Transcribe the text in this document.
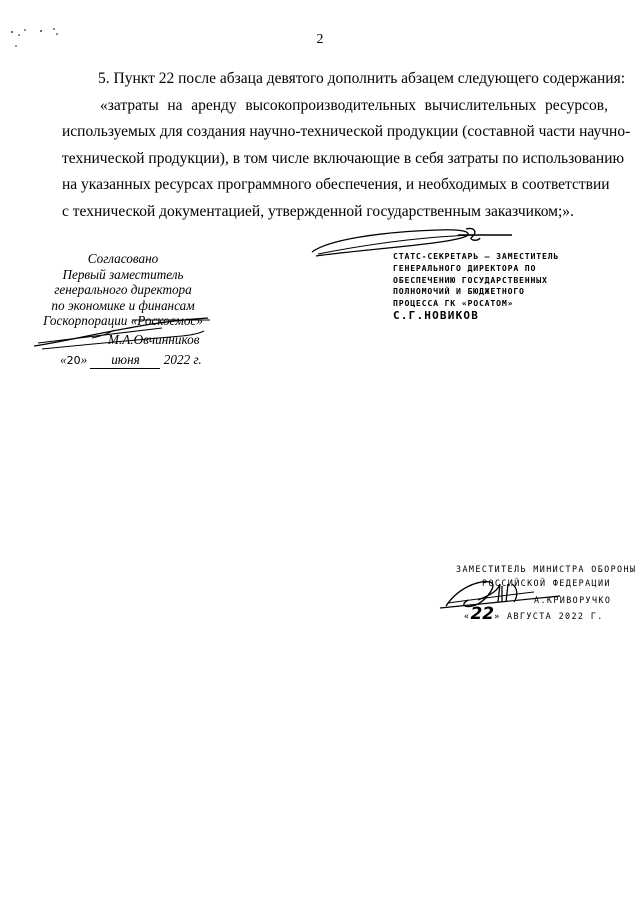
2
5. Пункт 22 после абзаца девятого дополнить абзацем следующего содержания:
«затраты на аренду высокопроизводительных вычислительных ресурсов,
используемых для создания научно-технической продукции (составной части научно-
технической продукции), в том числе включающие в себя затраты по использованию
на указанных ресурсах программного обеспечения, и необходимых в соответствии
с технической документацией, утвержденной государственным заказчиком;».
Согласовано
Первый заместитель
генерального директора
по экономике и финансам
Госкорпорации «Роскосмос»
М.А.Овчинников
«20» июня 2022 г.
СТАТС-СЕКРЕТАРЬ – ЗАМЕСТИТЕЛЬ
ГЕНЕРАЛЬНОГО ДИРЕКТОРА ПО
ОБЕСПЕЧЕНИЮ ГОСУДАРСТВЕННЫХ
ПОЛНОМОЧИЙ И БЮДЖЕТНОГО
ПРОЦЕССА ГК «РОСАТОМ»
С.Г.НОВИКОВ
ЗАМЕСТИТЕЛЬ МИНИСТРА ОБОРОНЫ
РОССИЙСКОЙ ФЕДЕРАЦИИ
А.КРИВОРУЧКО
«22» АВГУСТА 2022 Г.
